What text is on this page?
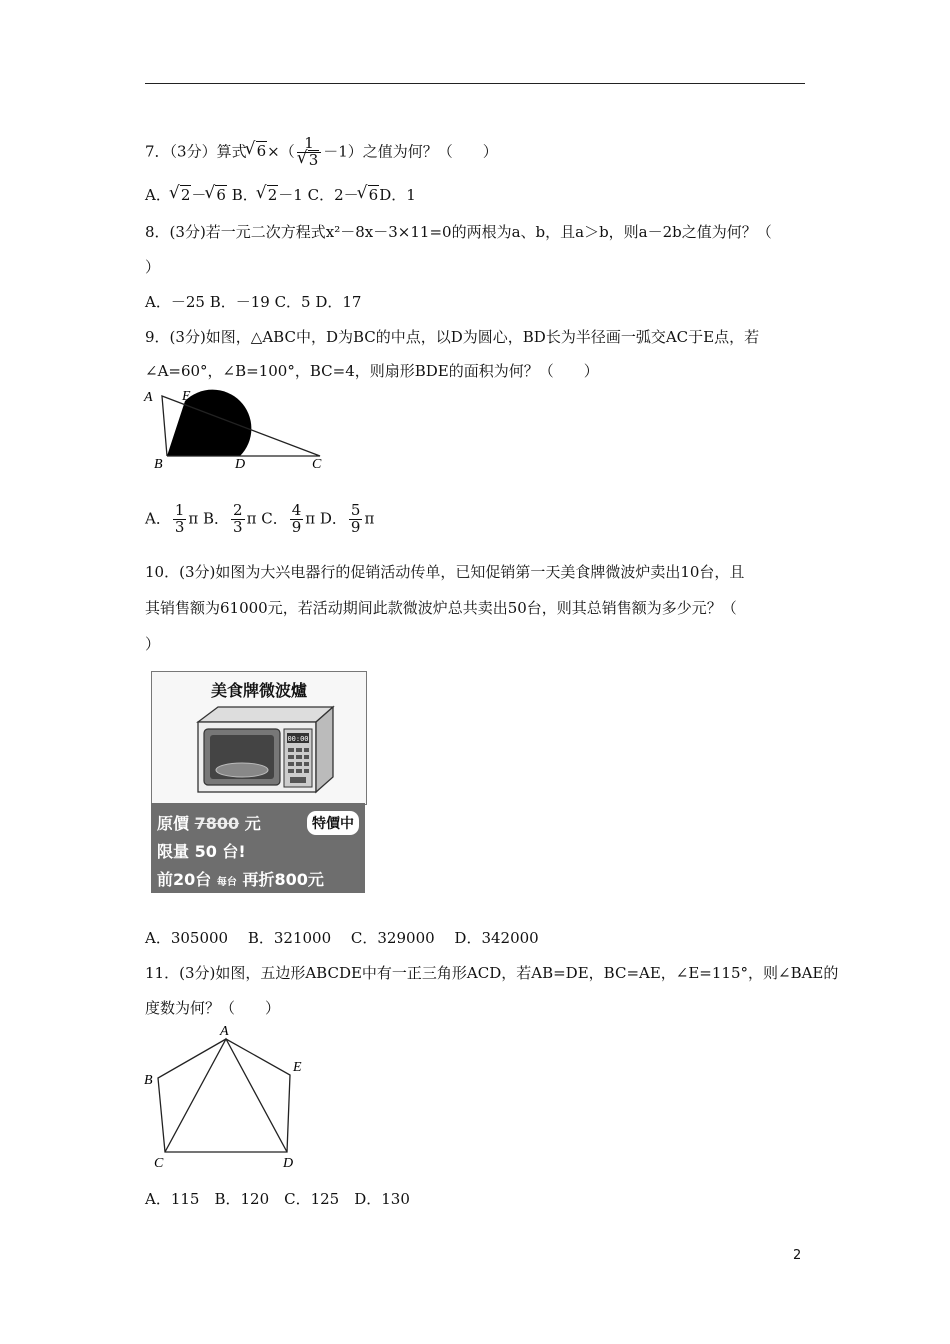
7．（3分）算式 √ 6×（ 1
√ 3 －1）之值为何？（　　）
A． √ 2－ √ 6 B． √ 2－1 C．2－ √ 6D．1
8．(3分)若一元二次方程式x²－8x－3×11=0的两根为a、b，且a＞b，则a－2b之值为何？（
）
A．－25 B．－19 C．5 D．17
9．(3分)如图，△ABC中，D为BC的中点，以D为圆心，BD长为半径画一弧交AC于E点，若
∠A=60°，∠B=100°，BC=4，则扇形BDE的面积为何？（　　）
A E
B	D	C
A． $\frac{1}{3}$ π B． $\frac{2}{3}$ π C． $\frac{4}{9}$ π D． $\frac{5}{9}$ π
10．(3分)如图为大兴电器行的促销活动传单，已知促销第一天美食牌微波炉卖出10台，且
其销售额为61000元，若活动期间此款微波炉总共卖出50台，则其总销售额为多少元？（
）
美食牌微波爐
00:00
原價 7800 元	特價中
限量 50 台!
前20台 每台 再折800元
A．305000　 B．321000　 C．329000　 D．342000
11．(3分)如图，五边形ABCDE中有一正三角形ACD，若AB=DE，BC=AE，∠E=115°，则∠BAE的
度数为何？（　　）
A
B
C	D
E
A．115　B．120　C．125　D．130
2
